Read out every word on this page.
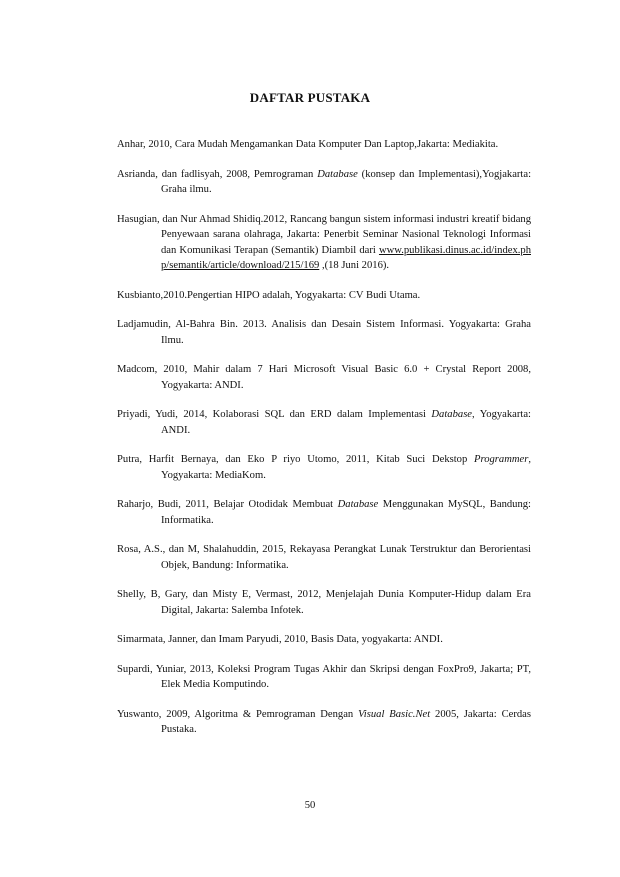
DAFTAR PUSTAKA
Anhar, 2010, Cara Mudah Mengamankan Data Komputer Dan Laptop,Jakarta: Mediakita.
Asrianda, dan fadlisyah, 2008, Pemrograman Database (konsep dan Implementasi),Yogjakarta: Graha ilmu.
Hasugian, dan Nur Ahmad Shidiq.2012, Rancang bangun sistem informasi industri kreatif bidang Penyewaan sarana olahraga, Jakarta: Penerbit Seminar Nasional Teknologi Informasi dan Komunikasi Terapan (Semantik) Diambil dari www.publikasi.dinus.ac.id/index.php/semantik/article/download/215/169 ,(18 Juni 2016).
Kusbianto,2010.Pengertian HIPO adalah, Yogyakarta: CV Budi Utama.
Ladjamudin, Al-Bahra Bin. 2013. Analisis dan Desain Sistem Informasi. Yogyakarta: Graha Ilmu.
Madcom, 2010, Mahir dalam 7 Hari Microsoft Visual Basic 6.0 + Crystal Report 2008, Yogyakarta: ANDI.
Priyadi, Yudi, 2014, Kolaborasi SQL dan ERD dalam Implementasi Database, Yogyakarta: ANDI.
Putra, Harfit Bernaya, dan Eko P riyo Utomo, 2011, Kitab Suci Dekstop Programmer, Yogyakarta: MediaKom.
Raharjo, Budi, 2011, Belajar Otodidak Membuat Database Menggunakan MySQL, Bandung: Informatika.
Rosa, A.S., dan M, Shalahuddin, 2015, Rekayasa Perangkat Lunak Terstruktur dan Berorientasi Objek, Bandung: Informatika.
Shelly, B, Gary, dan Misty E, Vermast, 2012, Menjelajah Dunia Komputer-Hidup dalam Era Digital, Jakarta: Salemba Infotek.
Simarmata, Janner, dan Imam Paryudi, 2010, Basis Data, yogyakarta: ANDI.
Supardi, Yuniar, 2013, Koleksi Program Tugas Akhir dan Skripsi dengan FoxPro9, Jakarta; PT, Elek Media Komputindo.
Yuswanto, 2009, Algoritma & Pemrograman Dengan Visual Basic.Net 2005, Jakarta: Cerdas Pustaka.
50
